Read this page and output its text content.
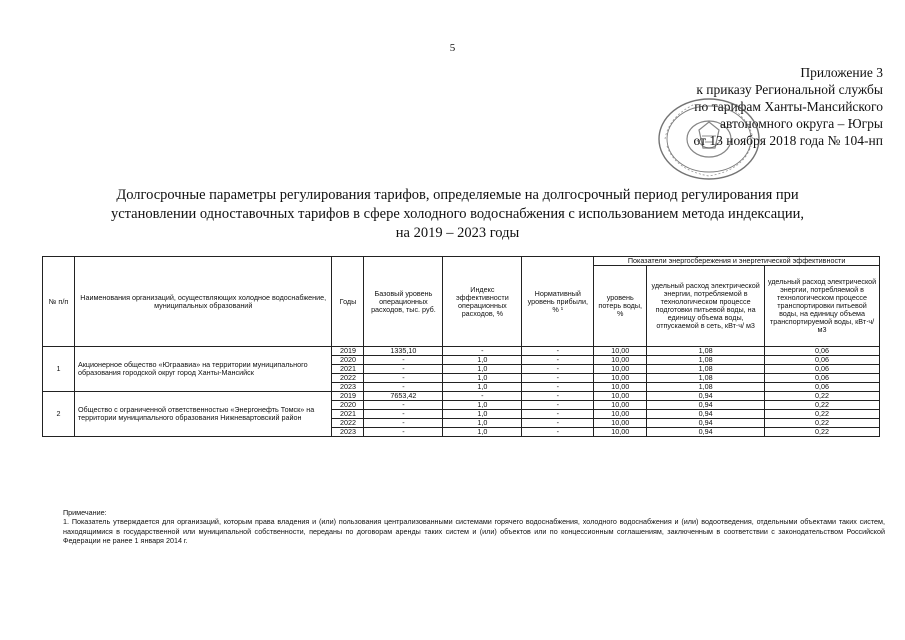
5
Приложение 3
к приказу Региональной службы
по тарифам Ханты-Мансийского
автономного округа – Югры
от 13 ноября 2018 года № 104-нп
Долгосрочные параметры регулирования тарифов, определяемые на долгосрочный период регулирования при
установлении одноставочных тарифов в сфере холодного водоснабжения с использованием метода индексации,
на 2019 – 2023 годы
№ п/п	Наименования организаций, осуществляющих холодное водоснабжение, муниципальных образований	Годы	Базовый уровень операционных расходов, тыс. руб.	Индекс эффективности операционных расходов, %	Нормативный уровень прибыли, % ¹	Показатели энергосбережения и энергетической эффективности		
						уровень потерь воды, %	удельный расход электрической энергии, потребляемой в технологическом процессе подготовки питьевой воды, на единицу объема воды, отпускаемой в сеть, кВт⋅ч/ м3	удельный расход электрической энергии, потребляемой в технологическом процессе транспортировки питьевой воды, на единицу объема транспортируемой воды, кВт⋅ч/ м3
1	Акционерное общество «Юграавиа» на территории муниципального образования городской округ город Ханты-Мансийск	2019	1335,10	-	-	10,00	1,08	0,06
		2020	-	1,0	-	10,00	1,08	0,06
		2021	-	1,0	-	10,00	1,08	0,06
		2022	-	1,0	-	10,00	1,08	0,06
		2023	-	1,0	-	10,00	1,08	0,06
2	Общество с ограниченной ответственностью «Энергонефть Томск» на территории муниципального образования Нижневартовский район	2019	7653,42	-	-	10,00	0,94	0,22
		2020	-	1,0	-	10,00	0,94	0,22
		2021	-	1,0	-	10,00	0,94	0,22
		2022	-	1,0	-	10,00	0,94	0,22
		2023	-	1,0	-	10,00	0,94	0,22
Примечание:
1. Показатель утверждается для организаций, которым права владения и (или) пользования централизованными системами горячего водоснабжения, холодного водоснабжения и (или) водоотведения, отдельными объектами таких систем, находящимися в государственной или муниципальной собственности, переданы по договорам аренды таких систем и (или) объектов или по концессионным соглашениям, заключенным в соответствии с законодательством Российской Федерации не ранее 1 января 2014 г.
